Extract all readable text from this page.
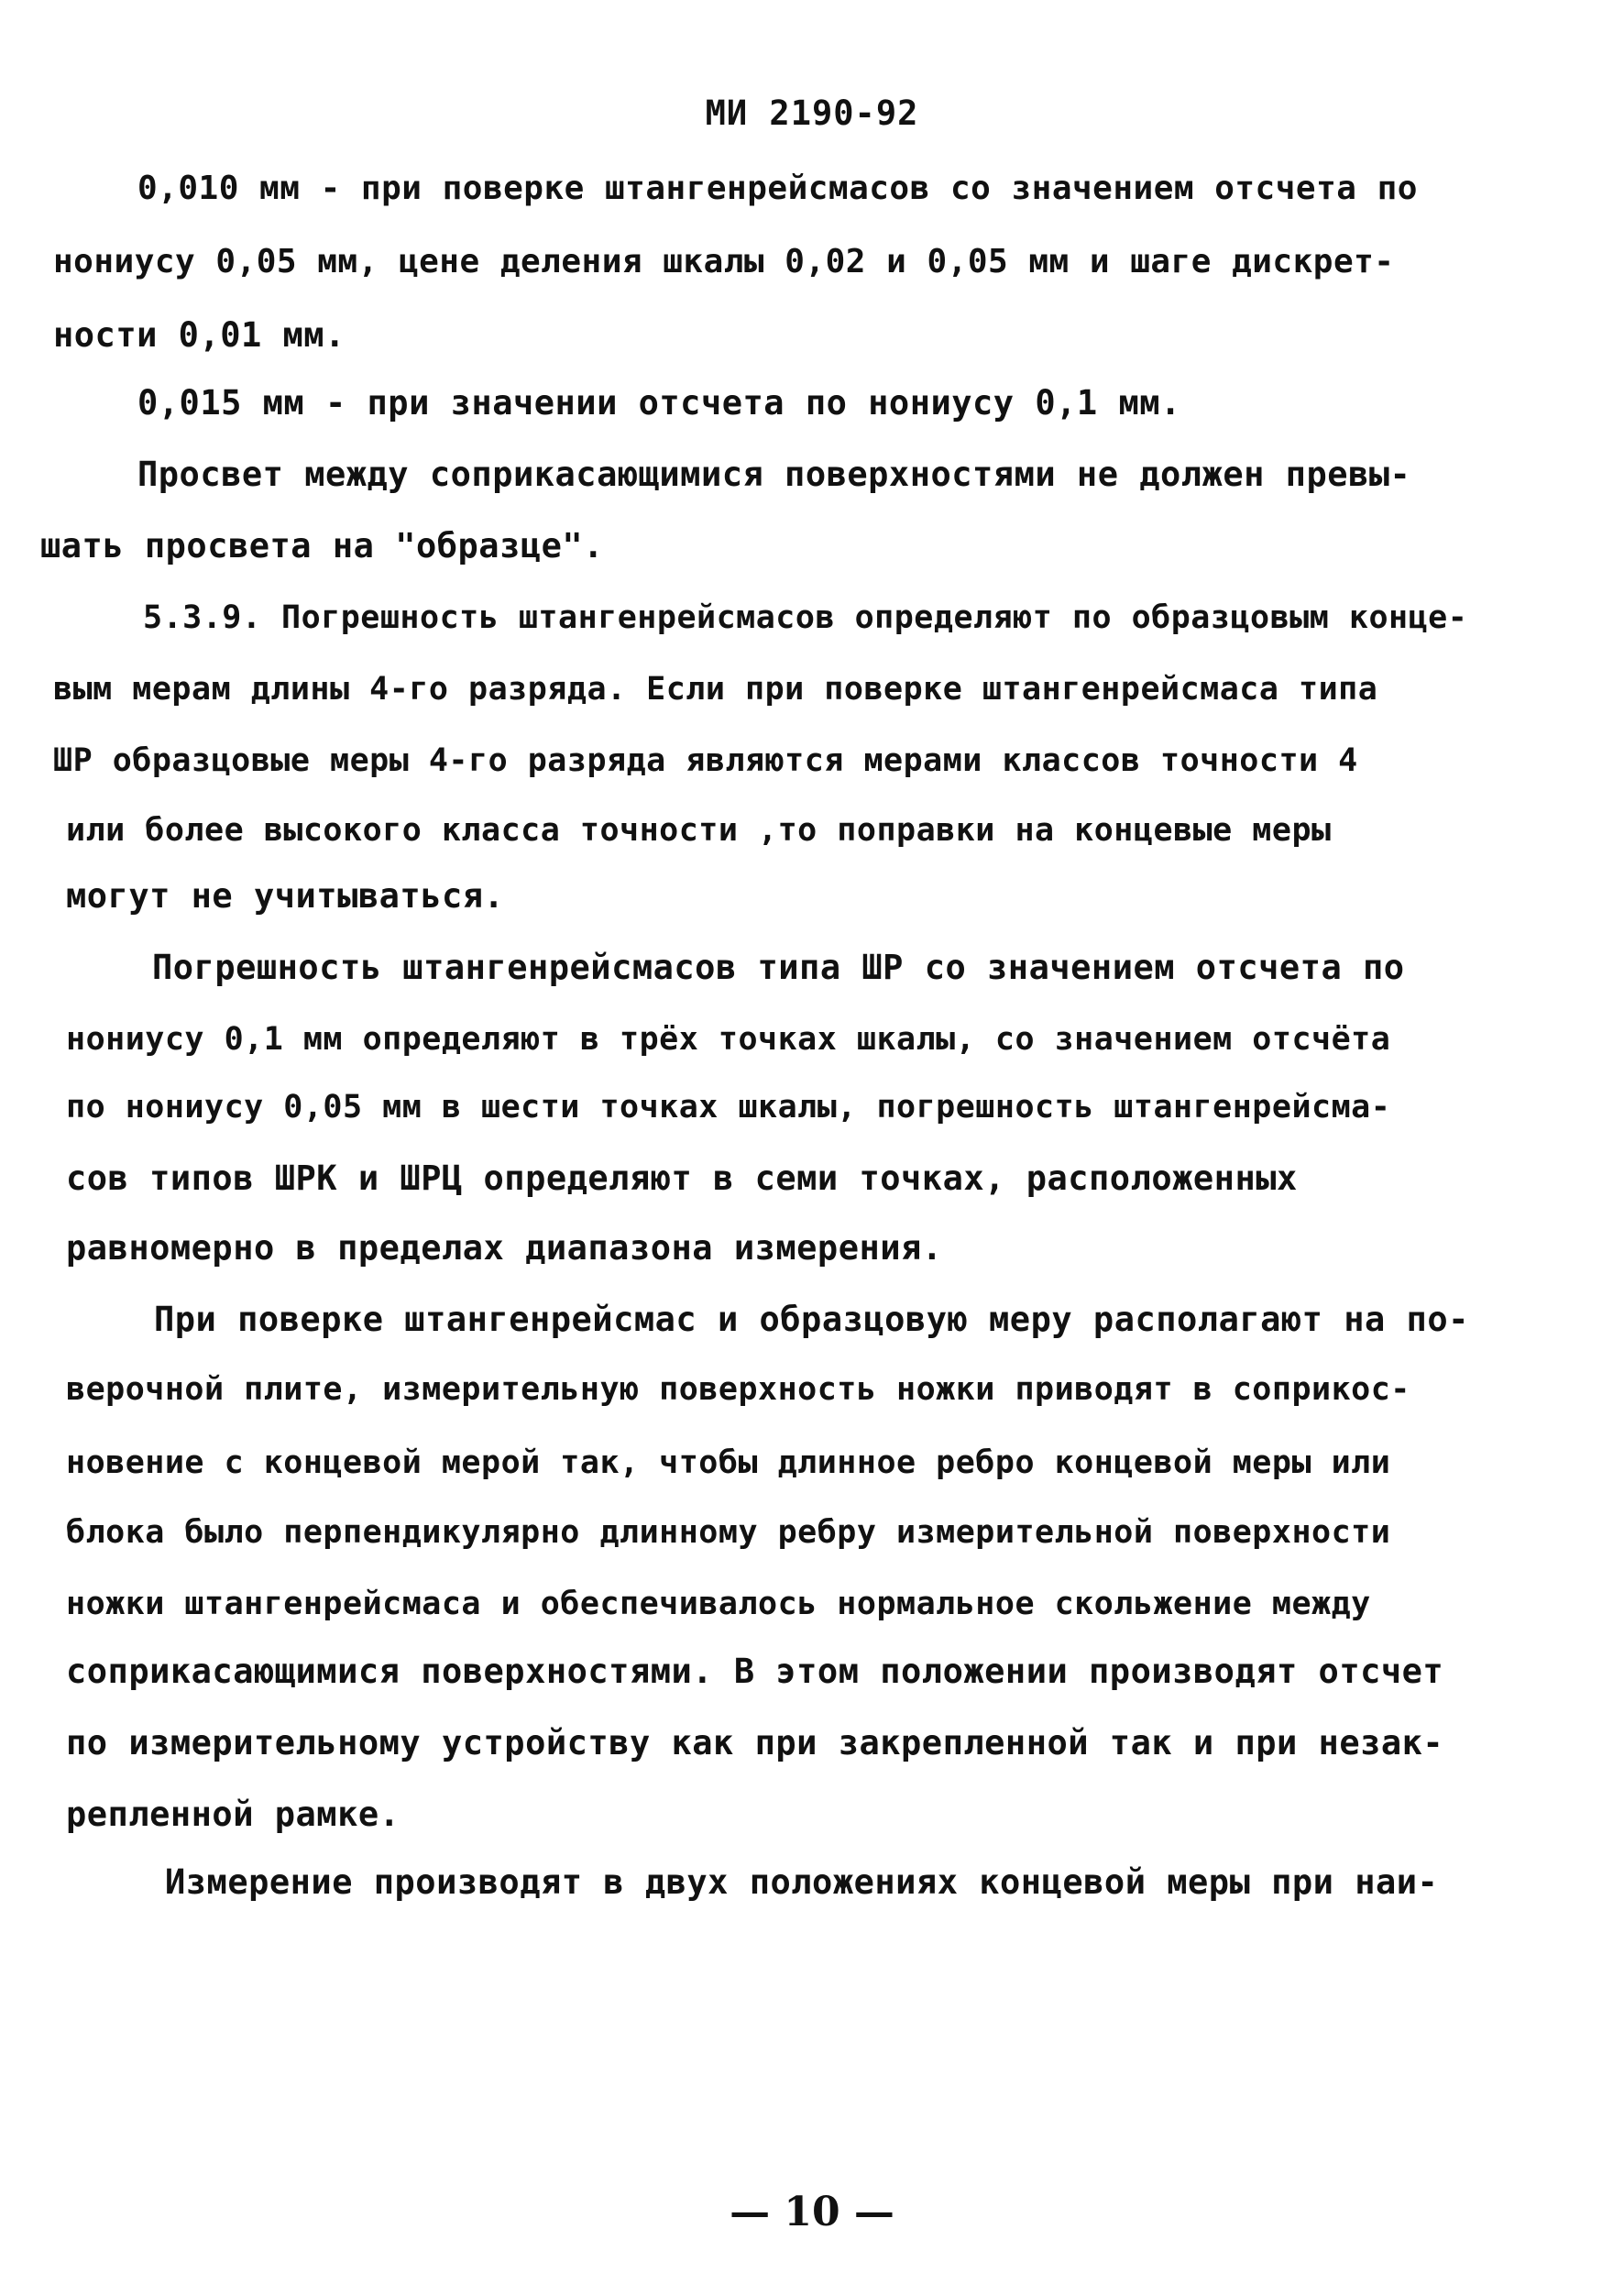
МИ 2190-92
0,010 мм - при поверке штангенрейсмасов со значением отсчета по
нониусу 0,05 мм, цене деления шкалы 0,02 и 0,05 мм и шаге дискрет-
ности 0,01 мм.
0,015 мм - при значении отсчета по нониусу 0,1 мм.
Просвет между соприкасающимися поверхностями не должен превы-
шать просвета на "образце".
5.3.9. Погрешность штангенрейсмасов определяют по образцовым конце-
вым мерам длины 4-го разряда. Если при поверке штангенрейсмаса типа
ШР образцовые меры 4-го разряда являются мерами классов точности 4
или более высокого класса точности ,то поправки на концевые меры
могут не учитываться.
Погрешность штангенрейсмасов типа ШР со значением отсчета по
нониусу 0,1 мм определяют в трёх точках шкалы, со значением отсчёта
по нониусу 0,05 мм в шести точках шкалы, погрешность штангенрейсма-
сов типов ШРК и ШРЦ определяют в семи точках, расположенных
равномерно в пределах диапазона измерения.
При поверке штангенрейсмас и образцовую меру располагают на по-
верочной плите, измерительную поверхность ножки приводят в соприкос-
новение с концевой мерой так, чтобы длинное ребро концевой меры или
блока было перпендикулярно длинному ребру измерительной поверхности
ножки штангенрейсмаса и обеспечивалось нормальное скольжение между
соприкасающимися поверхностями. В этом положении производят отсчет
по измерительному устройству как при закрепленной так и при незак-
репленной рамке.
Измерение производят в двух положениях концевой меры при наи-
— 10 —
